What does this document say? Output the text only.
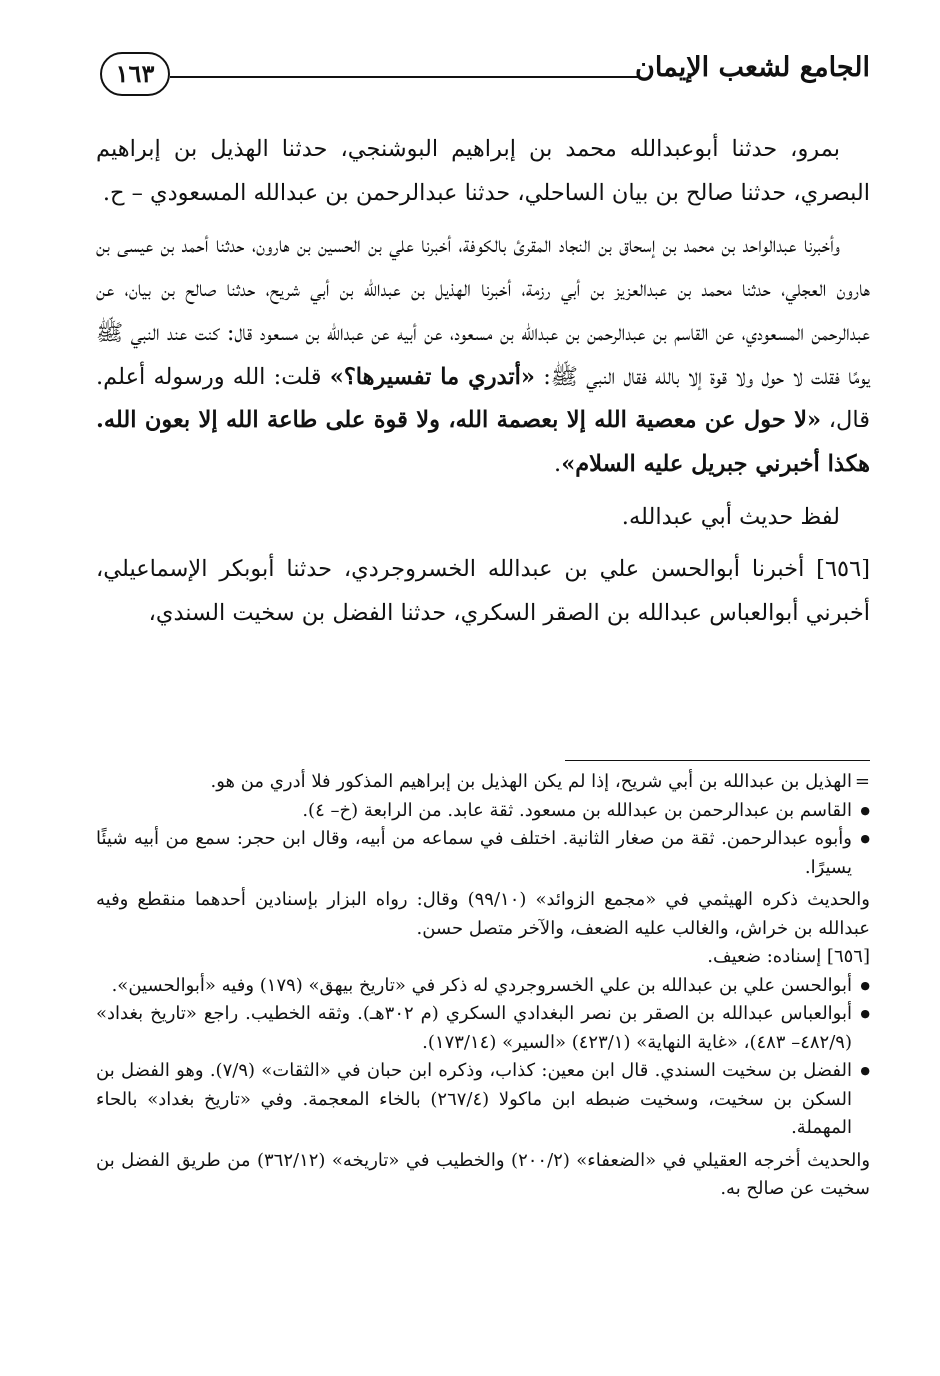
الجامع لشعب الإيمان
١٦٣

بمرو، حدثنا أبوعبدالله محمد بن إبراهيم البوشنجي، حدثنا الهذيل بن إبراهيم البصري، حدثنا صالح بن بيان الساحلي، حدثنا عبدالرحمن بن عبدالله المسعودي – ح.

وأخبرنا عبدالواحد بن محمد بن إسحاق بن النجاد المقرئ بالكوفة، أخبرنا علي بن الحسين بن هارون، حدثنا أحمد بن عيسى بن هارون العجلي، حدثنا محمد بن عبدالعزيز بن أبي رزمة، أخبرنا الهذيل بن عبدالله بن أبي شريح، حدثنا صالح بن بيان، عن عبدالرحمن المسعودي، عن القاسم بن عبدالرحمن بن عبدالله بن مسعود، عن أبيه عن عبدالله بن مسعود قال: كنت عند النبي ﷺ يومًا فقلت لا حول ولا قوة إلا بالله فقال النبي ﷺ: «أتدري ما تفسيرها؟» قلت: الله ورسوله أعلم. قال، «لا حول عن معصية الله إلا بعصمة الله، ولا قوة على طاعة الله إلا بعون الله. هكذا أخبرني جبريل عليه السلام».

لفظ حديث أبي عبدالله.

[٦٥٦] أخبرنا أبوالحسن علي بن عبدالله الخسروجردي، حدثنا أبوبكر الإسماعيلي، أخبرني أبوالعباس عبدالله بن الصقر السكري، حدثنا الفضل بن سخيت السندي،

= الهذيل بن عبدالله بن أبي شريح، إذا لم يكن الهذيل بن إبراهيم المذكور فلا أدري من هو.

● القاسم بن عبدالرحمن بن عبدالله بن مسعود. ثقة عابد. من الرابعة (خ– ٤).

● وأبوه عبدالرحمن. ثقة من صغار الثانية. اختلف في سماعه من أبيه، وقال ابن حجر: سمع من أبيه شيئًا يسيرًا.

والحديث ذكره الهيثمي في «مجمع الزوائد» (٩٩/١٠) وقال: رواه البزار بإسنادين أحدهما منقطع وفيه عبدالله بن خراش، والغالب عليه الضعف، والآخر متصل حسن.

[٦٥٦] إسناده: ضعيف.

● أبوالحسن علي بن عبدالله بن علي الخسروجردي له ذكر في «تاريخ بيهق» (١٧٩) وفيه «أبوالحسين».

● أبوالعباس عبدالله بن الصقر بن نصر البغدادي السكري (م ٣٠٢هـ). وثقه الخطيب. راجع «تاريخ بغداد» (٤٨٢/٩– ٤٨٣)، «غاية النهاية» (٤٢٣/١) «السير» (١٧٣/١٤).

● الفضل بن سخيت السندي. قال ابن معين: كذاب، وذكره ابن حبان في «الثقات» (٧/٩). وهو الفضل بن السكن بن سخيت، وسخيت ضبطه ابن ماكولا (٢٦٧/٤) بالخاء المعجمة. وفي «تاريخ بغداد» بالحاء المهملة.

والحديث أخرجه العقيلي في «الضعفاء» (٢٠٠/٢) والخطيب في «تاريخه» (٣٦٢/١٢) من طريق الفضل بن سخيت عن صالح به.
